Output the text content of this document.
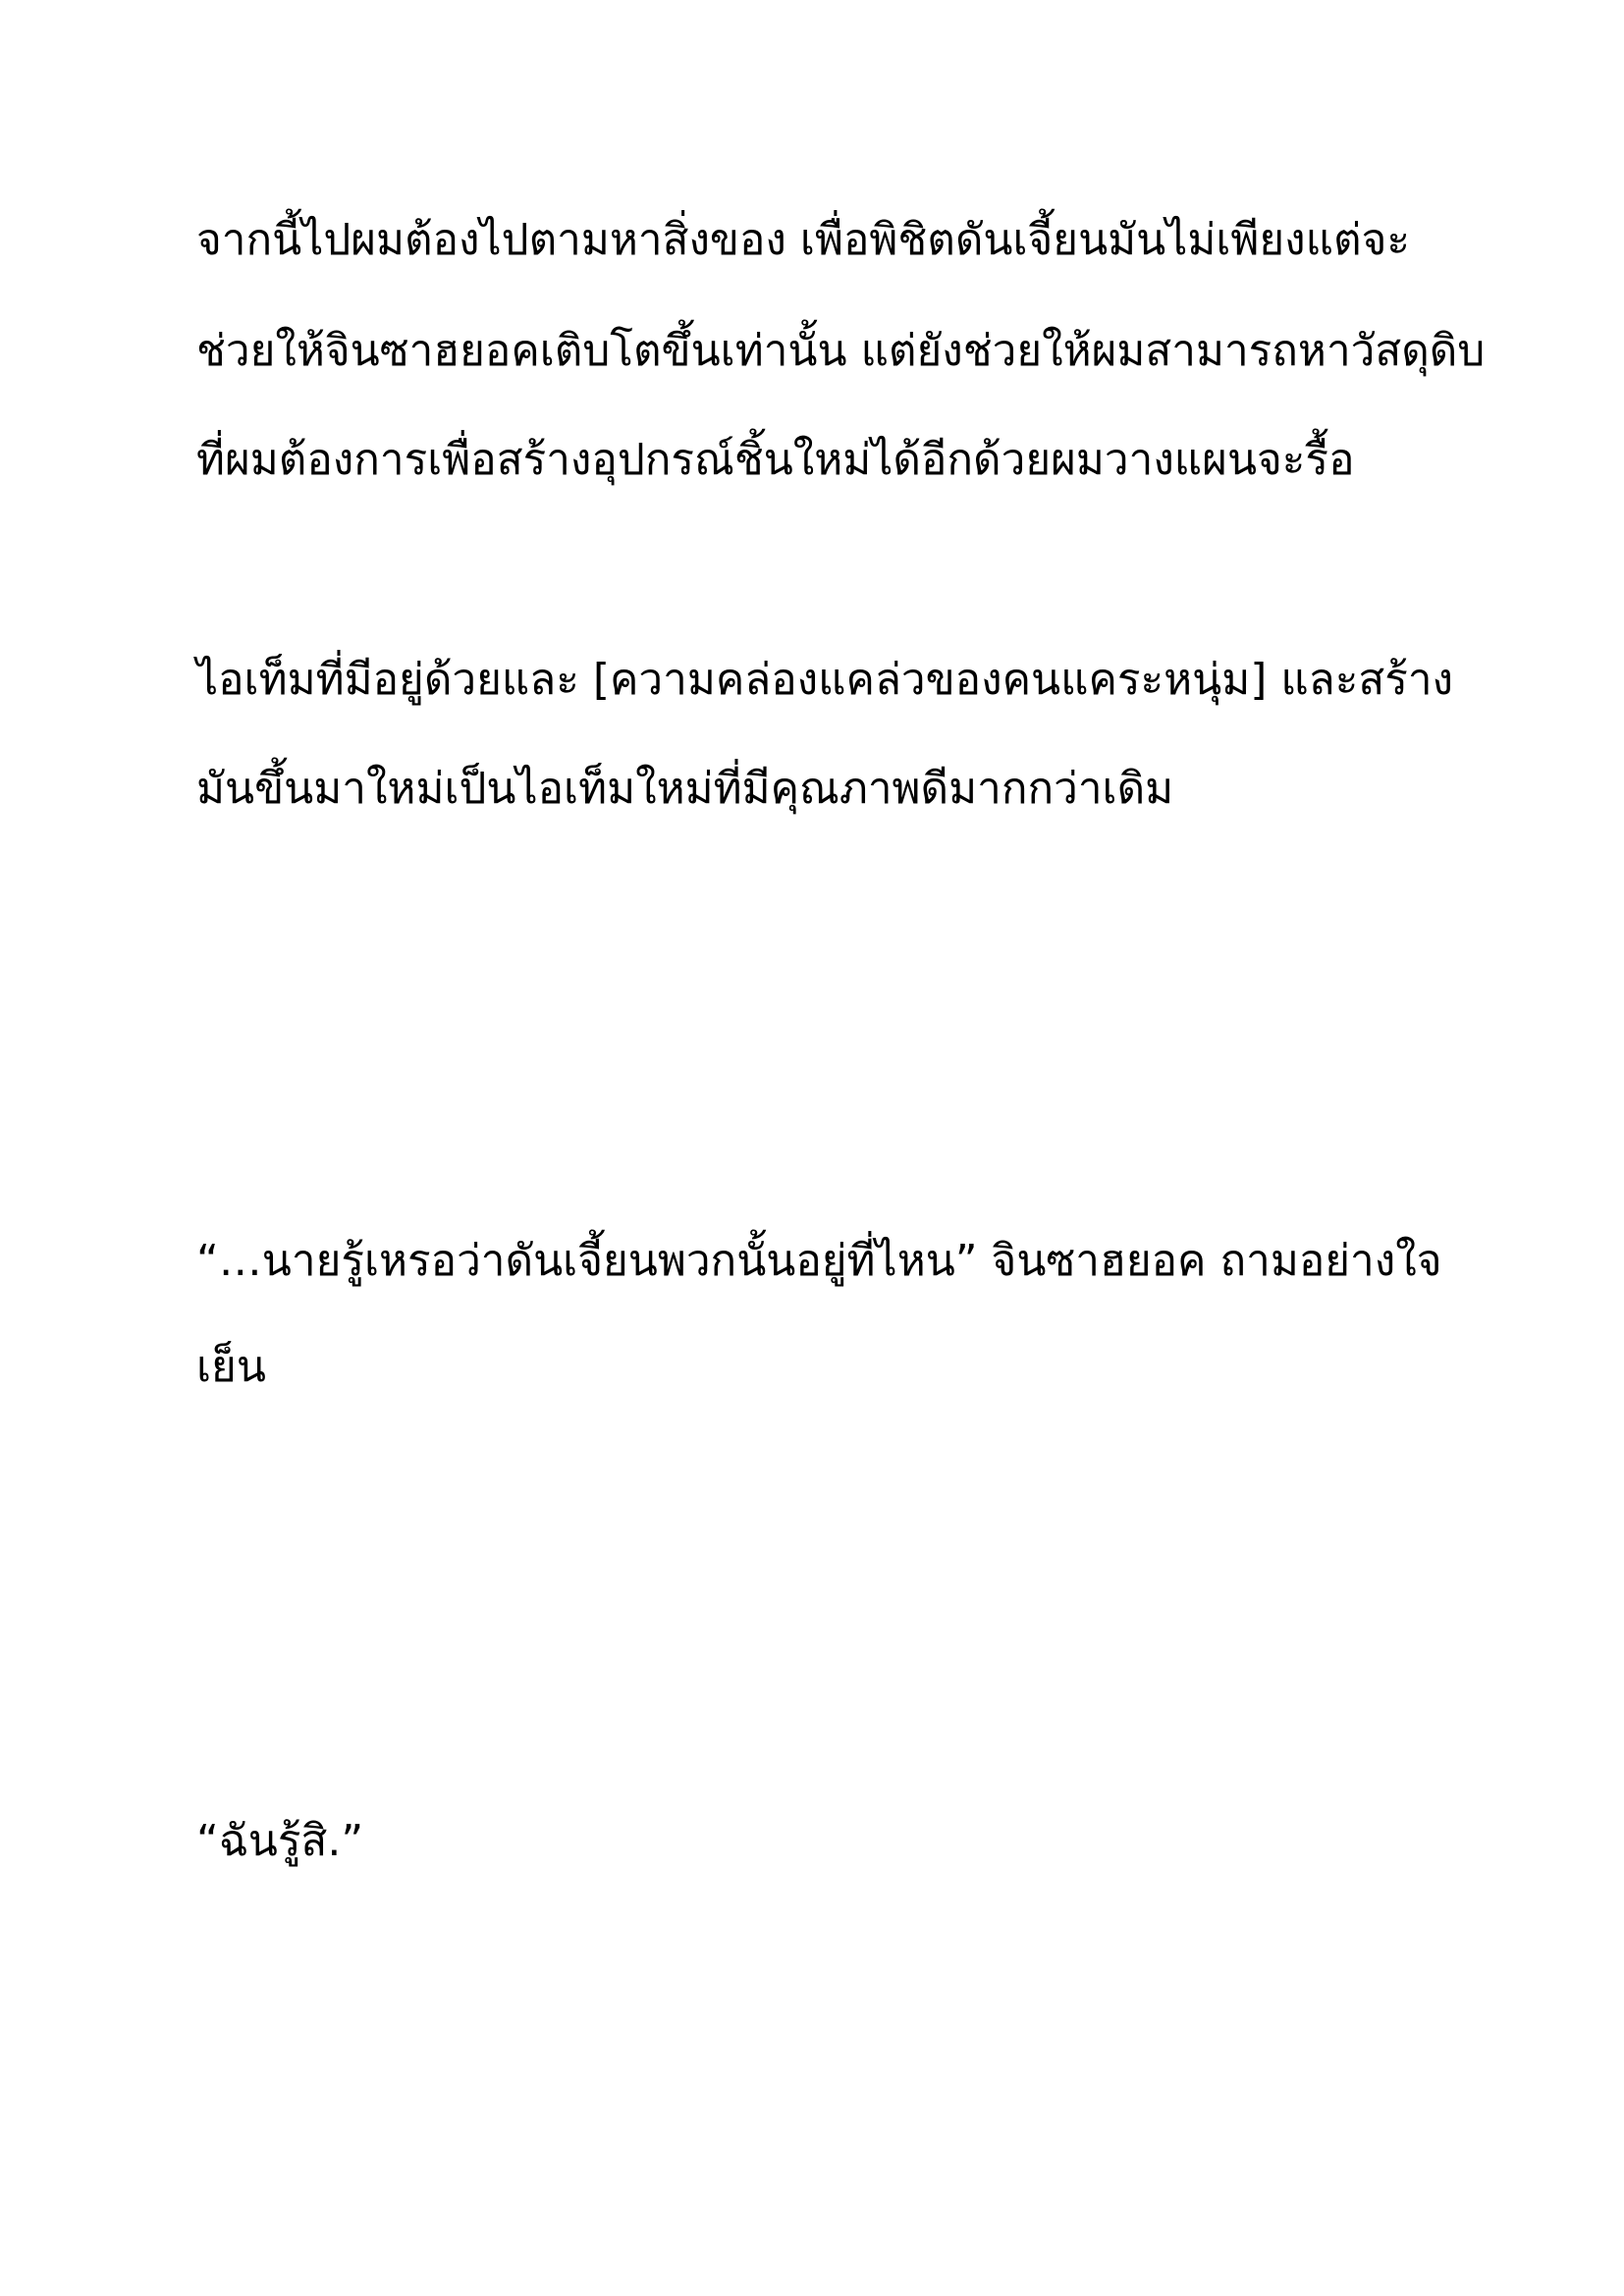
จากนี้ไปผมต้องไปตามหาสิ่งของ เพื่อพิชิตดันเจี้ยนมันไม่เพียงแต่จะ
ช่วยให้จินซาฮยอคเติบโตขึ้นเท่านั้น แต่ยังช่วยให้ผมสามารถหาวัสดุดิบ
ที่ผมต้องการเพื่อสร้างอุปกรณ์ชิ้นใหม่ได้อีกด้วยผมวางแผนจะรื้อ

ไอเท็มที่มีอยู่ด้วยและ [ความคล่องแคล่วของคนแคระหนุ่ม] และสร้าง
มันขึ้นมาใหม่เป็นไอเท็มใหม่ที่มีคุณภาพดีมากกว่าเดิม

“…นายรู้เหรอว่าดันเจี้ยนพวกนั้นอยู่ที่ไหน” จินซาฮยอค ถามอย่างใจ
เย็น

“ฉันรู้สิ.”
